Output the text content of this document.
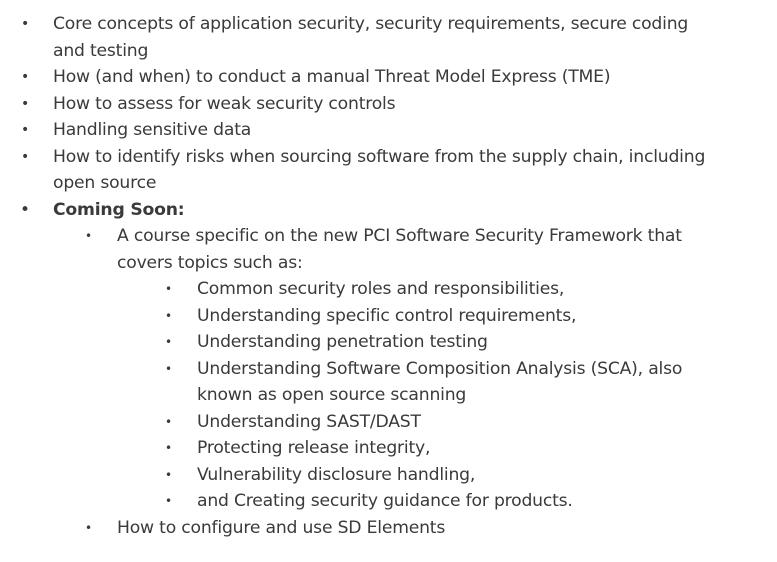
• Core concepts of application security, security requirements, secure coding and testing
• How (and when) to conduct a manual Threat Model Express (TME)
• How to assess for weak security controls
• Handling sensitive data
• How to identify risks when sourcing software from the supply chain, including open source
• Coming Soon:
• A course specific on the new PCI Software Security Framework that covers topics such as:
• Common security roles and responsibilities,
• Understanding specific control requirements,
• Understanding penetration testing
• Understanding Software Composition Analysis (SCA), also known as open source scanning
• Understanding SAST/DAST
• Protecting release integrity,
• Vulnerability disclosure handling,
• and Creating security guidance for products.
• How to configure and use SD Elements
